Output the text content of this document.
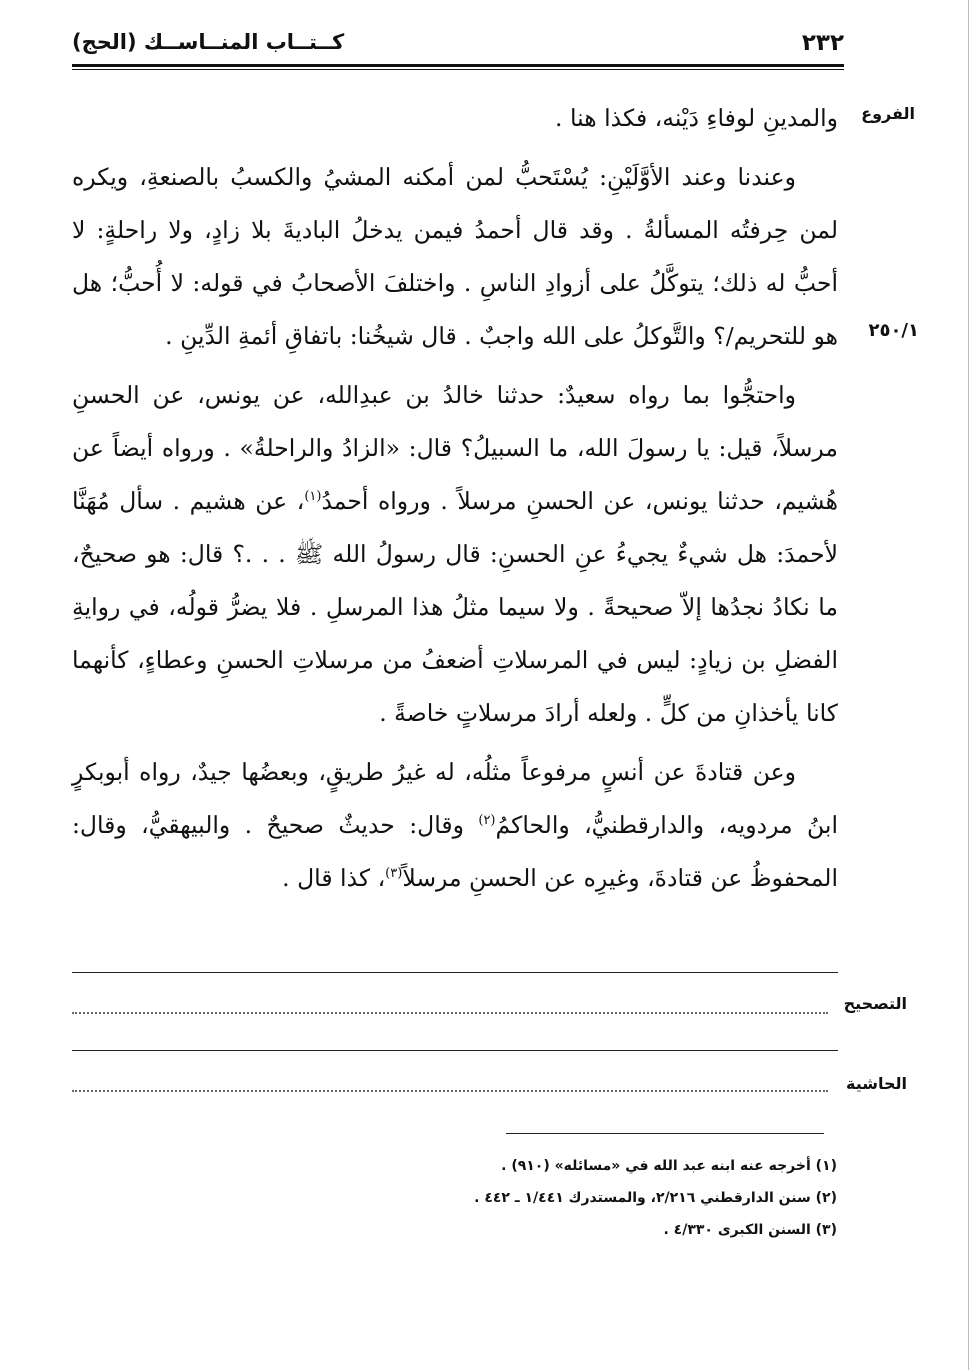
٢٣٢
كــتــاب المنــاســك (الحج)
الفروع
٢٥٠/١

والمدينِ لوفاءِ دَيْنه، فكذا هنا .

وعندنا وعند الأوَّلَيْنِ: يُسْتَحبُّ لمن أمكنه المشيُ والكسبُ بالصنعةِ، ويكره لمن حِرفتُه المسألةُ . وقد قال أحمدُ فيمن يدخلُ الباديةَ بلا زادٍ، ولا راحلةٍ: لا أحبُّ له ذلك؛ يتوكَّلُ على أزوادِ الناسِ . واختلفَ الأصحابُ في قوله: لا أُحبُّ؛ هل هو للتحريم/؟ والتَّوكلُ على الله واجبٌ . قال شيخُنا: باتفاقِ أئمةِ الدِّينِ .

واحتجُّوا بما رواه سعيدٌ: حدثنا خالدُ بن عبدِالله، عن يونس، عن الحسنِ مرسلاً، قيل: يا رسولَ الله، ما السبيلُ؟ قال: «الزادُ والراحلةُ» . ورواه أيضاً عن هُشيم، حدثنا يونس، عن الحسنِ مرسلاً . ورواه أحمدُ$^{(١)}$، عن هشيم . سأل مُهَنَّا لأحمدَ: هل شيءٌ يجيءُ عنِ الحسنِ: قال رسولُ الله ﷺ . . .؟ قال: هو صحيحٌ، ما نكادُ نجدُها إلاّ صحيحةً . ولا سيما مثلُ هذا المرسلِ . فلا يضرُّ قولُه، في روايةِ الفضلِ بن زيادٍ: ليس في المرسلاتِ أضعفُ من مرسلاتِ الحسنِ وعطاءٍ، كأنهما كانا يأخذانِ من كلٍّ . ولعله أرادَ مرسلاتٍ خاصةً .

وعن قتادةَ عن أنسٍ مرفوعاً مثلُه، له غيرُ طريقٍ، وبعضُها جيدٌ، رواه أبوبكرٍ ابنُ مردويه، والدارقطنيُّ، والحاكمُ$^{(٢)}$ وقال: حديثٌ صحيحٌ . والبيهقيُّ، وقال: المحفوظُ عن قتادةَ، وغيرِه عن الحسنِ مرسلاً$^{(٣)}$، كذا قال .

التصحيح
الحاشية
(١) أخرجه عنه ابنه عبد الله في «مسائله» (٩١٠) .
(٢) سنن الدارقطني ٢/٢١٦، والمستدرك ١/٤٤١ ـ ٤٤٢ .
(٣) السنن الكبرى ٤/٣٣٠ .
